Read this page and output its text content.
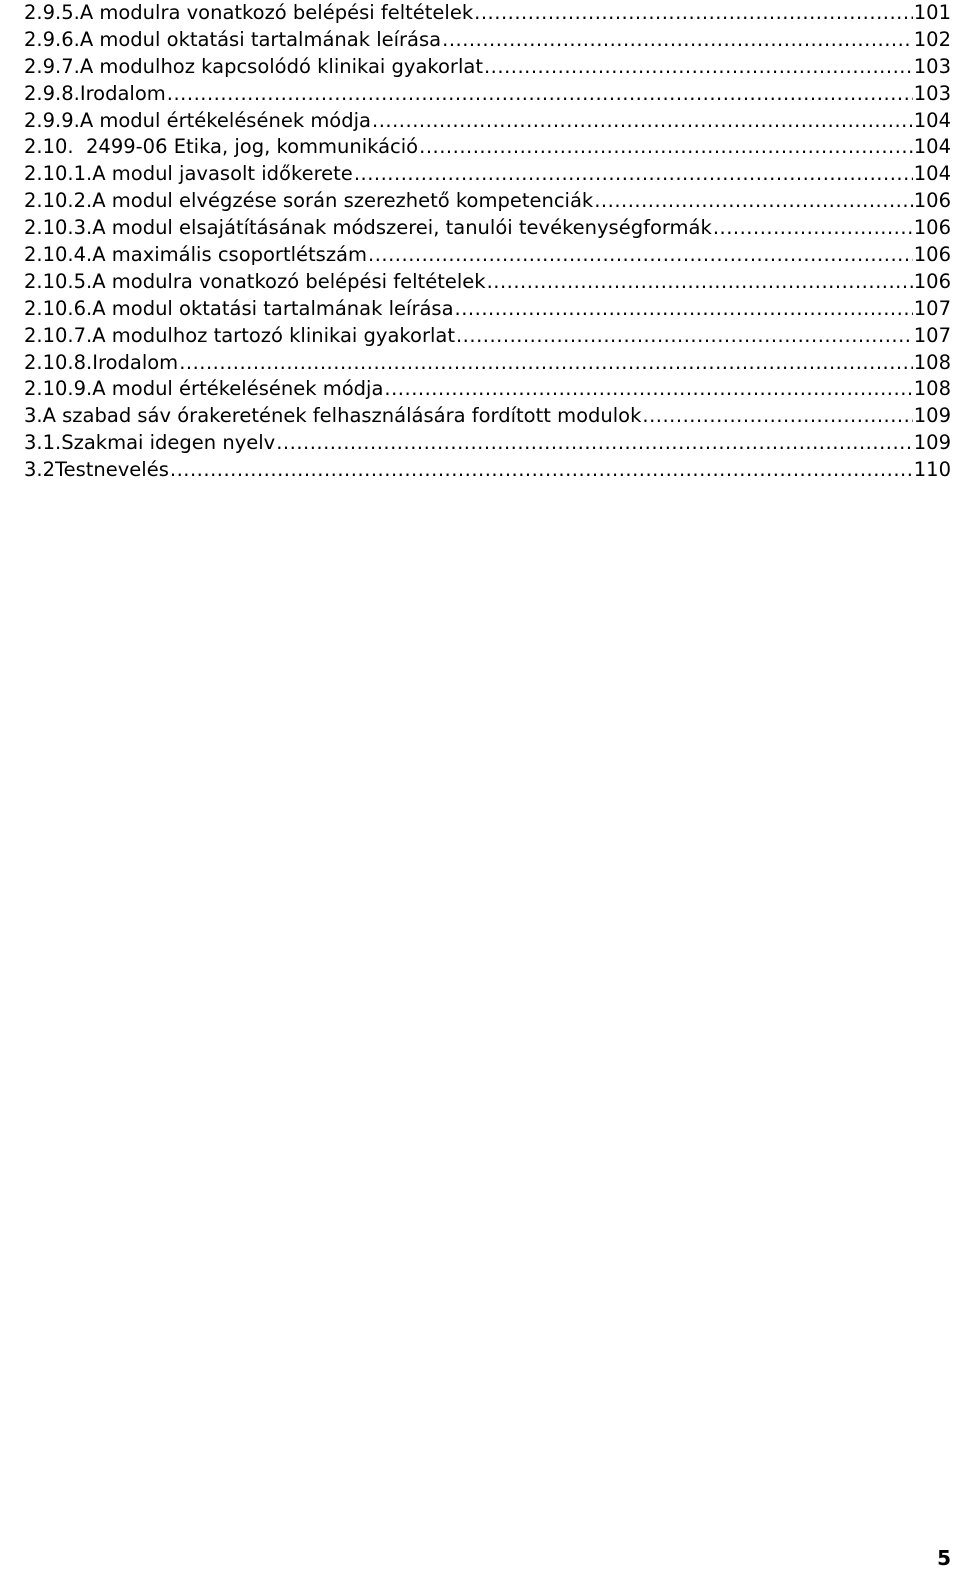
2.9.5. A modulra vonatkozó belépési feltételek .....	101
2.9.6. A modul oktatási tartalmának leírása .....	102
2.9.7. A modulhoz kapcsolódó klinikai gyakorlat .....	103
2.9.8. Irodalom .....	103
2.9.9. A modul értékelésének módja .....	104
2.10. 2499-06 Etika, jog, kommunikáció .....	104
2.10.1. A modul javasolt időkerete .....	104
2.10.2. A modul elvégzése során szerezhető kompetenciák .....	106
2.10.3. A modul elsajátításának módszerei, tanulói tevékenységformák .....	106
2.10.4. A maximális csoportlétszám .....	106
2.10.5. A modulra vonatkozó belépési feltételek .....	106
2.10.6. A modul oktatási tartalmának leírása .....	107
2.10.7. A modulhoz tartozó klinikai gyakorlat .....	107
2.10.8. Irodalom .....	108
2.10.9. A modul értékelésének módja .....	108
3. A szabad sáv órakeretének felhasználására fordított modulok .....	109
3.1. Szakmai idegen nyelv .....	109
3.2 Testnevelés .....	110
5
